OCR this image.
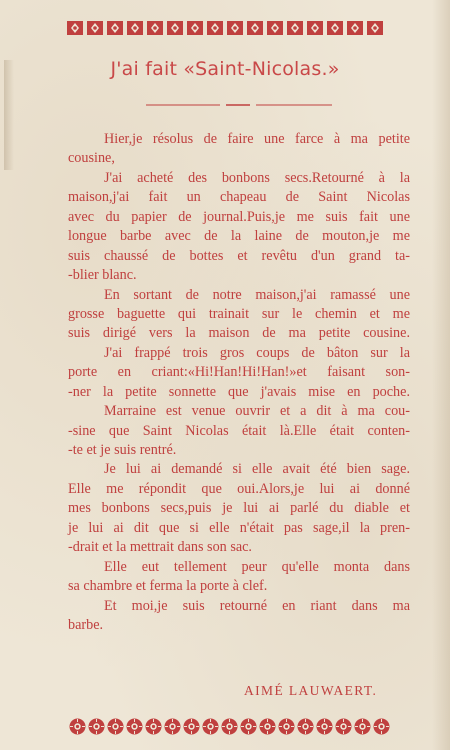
J'ai fait «Saint-Nicolas.»
Hier,je résolus de faire une farce à ma petite
cousine,
J'ai acheté des bonbons secs.Retourné à la
maison,j'ai fait un chapeau de Saint Nicolas
avec du papier de journal.Puis,je me suis fait une
longue barbe avec de la laine de mouton,je me
suis chaussé de bottes et revêtu d'un grand ta-
-blier blanc.
En sortant de notre maison,j'ai ramassé une
grosse baguette qui trainait sur le chemin et me
suis dirigé vers la maison de ma petite cousine.
J'ai frappé trois gros coups de bâton sur la
porte en criant:«Hi!Han!Hi!Han!»et faisant son-
-ner la petite sonnette que j'avais mise en poche.
Marraine est venue ouvrir et a dit à ma cou-
-sine que Saint Nicolas était là.Elle était conten-
-te et je suis rentré.
Je lui ai demandé si elle avait été bien sage.
Elle me répondit que oui.Alors,je lui ai donné
mes bonbons secs,puis je lui ai parlé du diable et
je lui ai dit que si elle n'était pas sage,il la pren-
-drait et la mettrait dans son sac.
Elle eut tellement peur qu'elle monta dans
sa chambre et ferma la porte à clef.
Et moi,je suis retourné en riant dans ma
barbe.
AIMÉ LAUWAERT.
